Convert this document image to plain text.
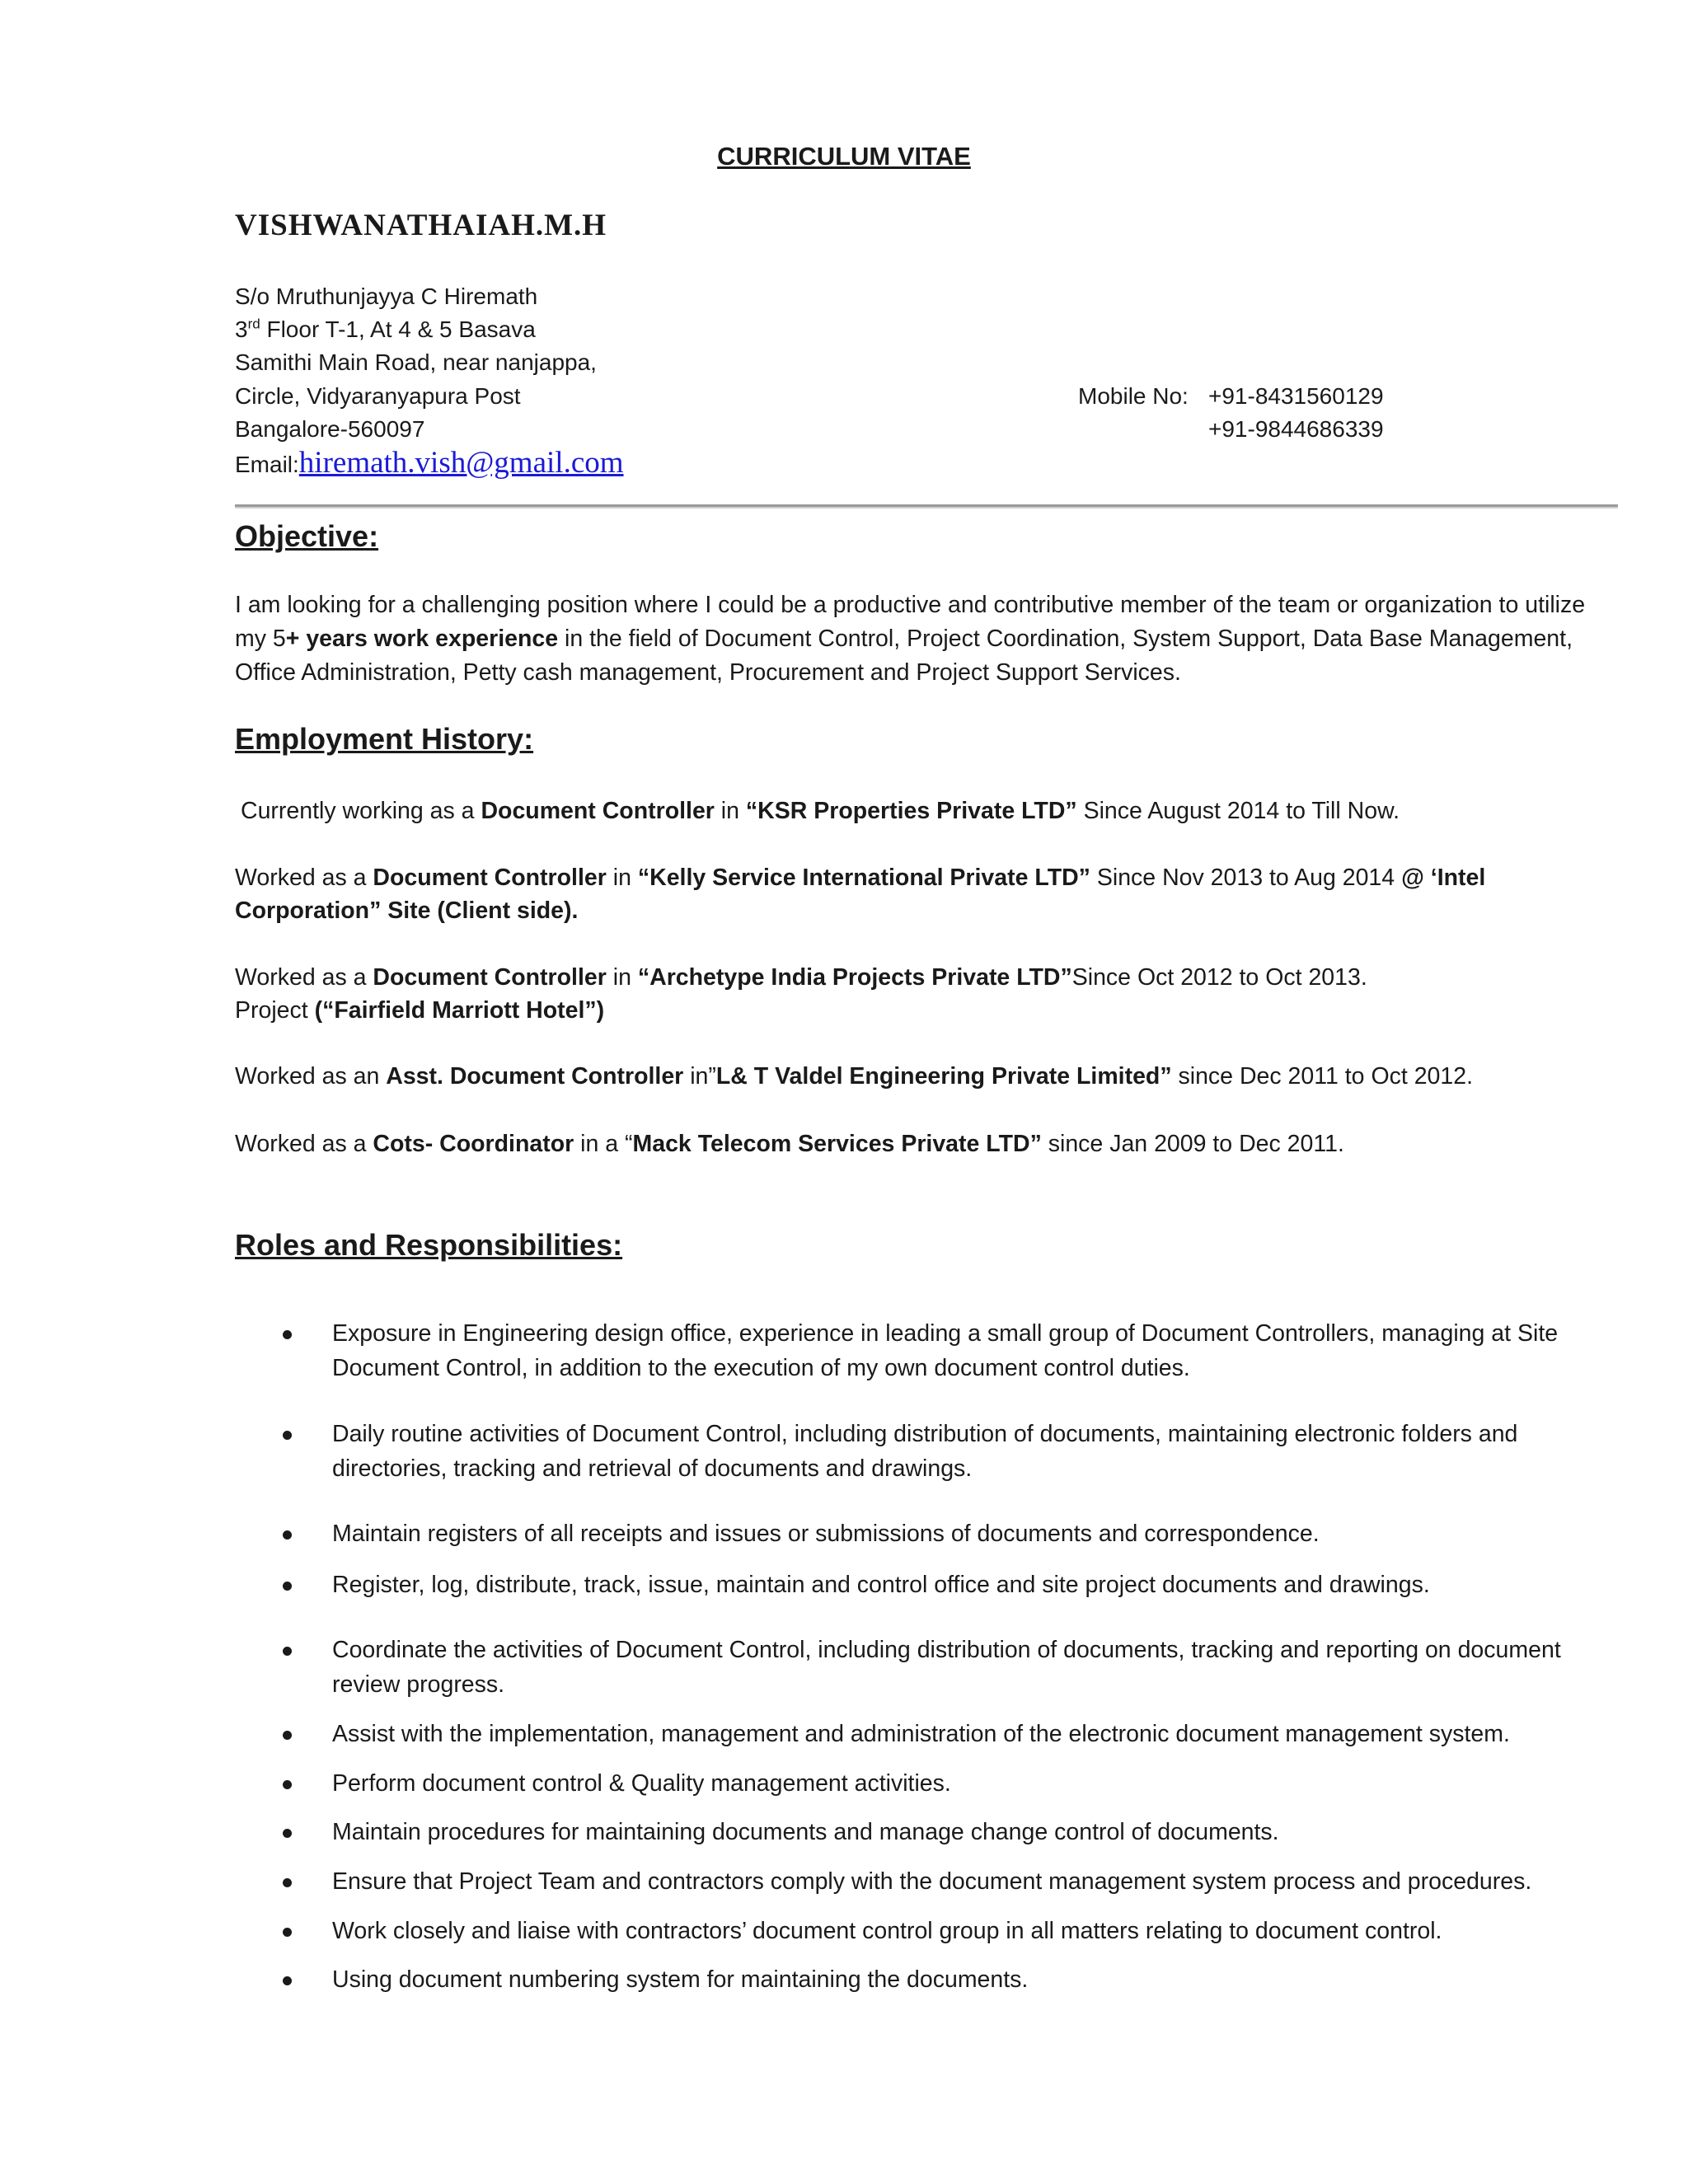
CURRICULUM VITAE
VISHWANATHAIAH.M.H
S/o Mruthunjayya C Hiremath
3rd Floor T-1, At 4 & 5 Basava
Samithi Main Road, near nanjappa,
Circle, Vidyaranyapura Post
Bangalore-560097
Email:hiremath.vish@gmail.com
Mobile No: +91-8431560129
+91-9844686339
Objective:
I am looking for a challenging position where I could be a productive and contributive member of the team or organization to utilize my 5+ years work experience in the field of Document Control, Project Coordination, System Support, Data Base Management, Office Administration, Petty cash management, Procurement and Project Support Services.
Employment History:
Currently working as a Document Controller in “KSR Properties Private LTD” Since August 2014 to Till Now.
Worked as a Document Controller in “Kelly Service International Private LTD” Since Nov 2013 to Aug 2014 @ ‘Intel Corporation” Site (Client side).
Worked as a Document Controller in “Archetype India Projects Private LTD”Since Oct 2012 to Oct 2013.
Project (“Fairfield Marriott Hotel”)
Worked as an Asst. Document Controller in”L& T Valdel Engineering Private Limited” since Dec 2011 to Oct 2012.
Worked as a Cots- Coordinator in a “Mack Telecom Services Private LTD” since Jan 2009 to Dec 2011.
Roles and Responsibilities:
Exposure in Engineering design office, experience in leading a small group of Document Controllers, managing at Site Document Control, in addition to the execution of my own document control duties.
Daily routine activities of Document Control, including distribution of documents, maintaining electronic folders and directories, tracking and retrieval of documents and drawings.
Maintain registers of all receipts and issues or submissions of documents and correspondence.
Register, log, distribute, track, issue, maintain and control office and site project documents and drawings.
Coordinate the activities of Document Control, including distribution of documents, tracking and reporting on document review progress.
Assist with the implementation, management and administration of the electronic document management system.
Perform document control & Quality management activities.
Maintain procedures for maintaining documents and manage change control of documents.
Ensure that Project Team and contractors comply with the document management system process and procedures.
Work closely and liaise with contractors’ document control group in all matters relating to document control.
Using document numbering system for maintaining the documents.
